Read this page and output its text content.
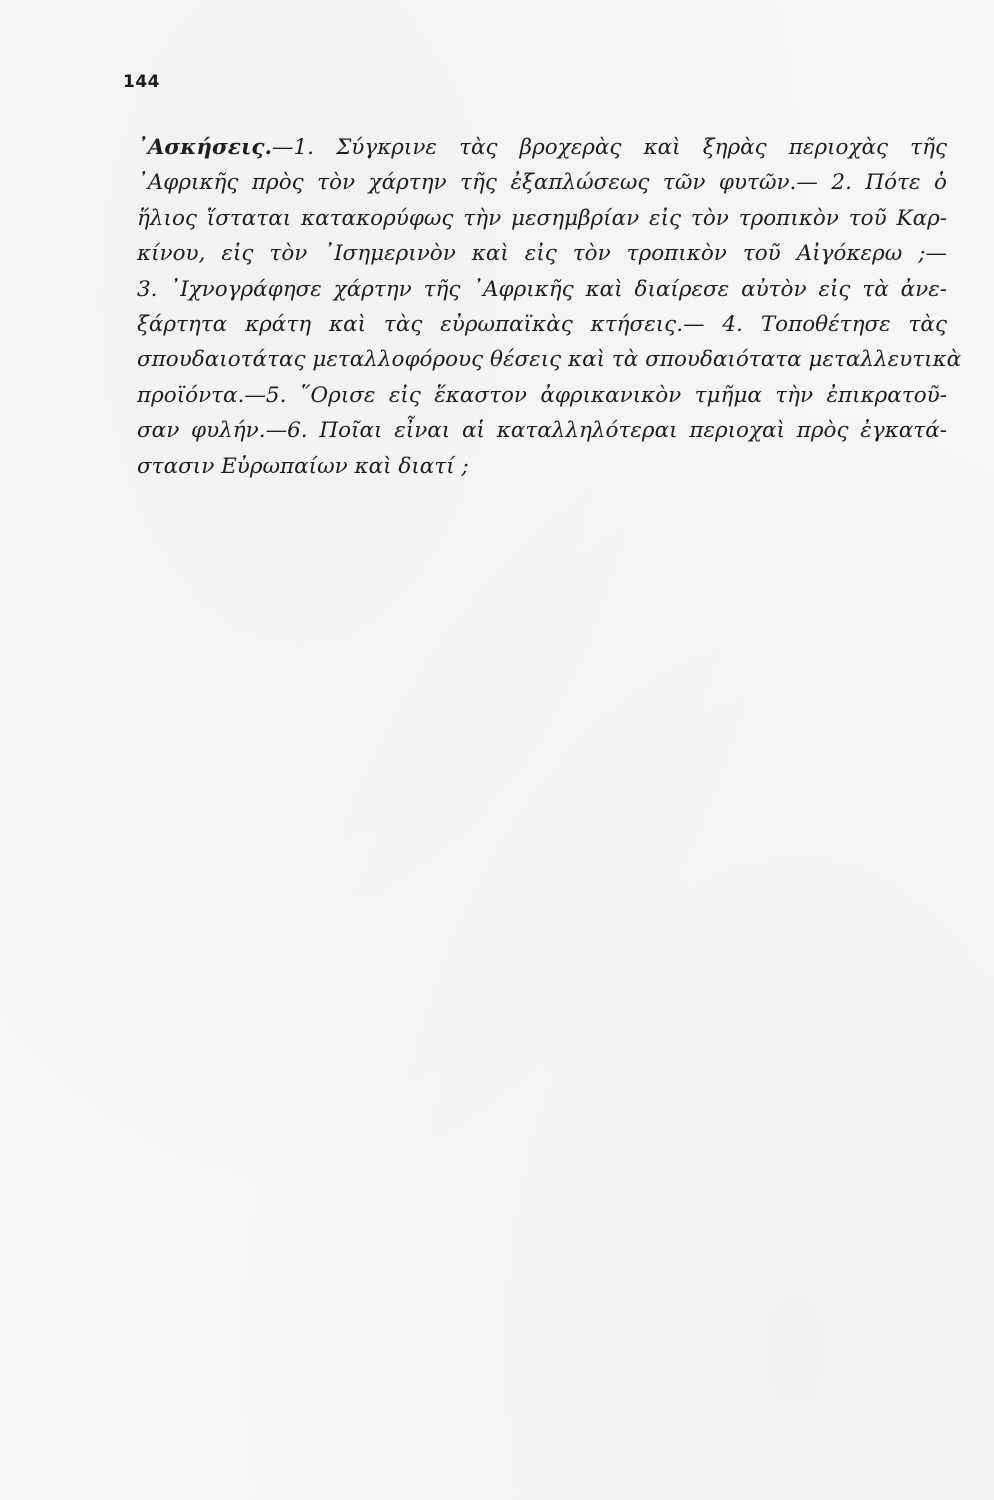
144
᾿Ασκήσεις.—1. Σύγκρινε τὰς βροχερὰς καὶ ξηρὰς περιοχὰς τῆς
᾿Αφρικῆς πρὸς τὸν χάρτην τῆς ἐξαπλώσεως τῶν φυτῶν.— 2. Πότε ὁ
ἥλιος ἵσταται κατακορύφως τὴν μεσημβρίαν εἰς τὸν τροπικὸν τοῦ Καρ-
κίνου, εἰς τὸν ᾿Ισημερινὸν καὶ εἰς τὸν τροπικὸν τοῦ Αἰγόκερω ;—
3. ᾿Ιχνογράφησε χάρτην τῆς ᾿Αφρικῆς καὶ διαίρεσε αὐτὸν εἰς τὰ ἀνε-
ξάρτητα κράτη καὶ τὰς εὐρωπαϊκὰς κτήσεις.— 4. Τοποθέτησε τὰς
σπουδαιοτάτας μεταλλοφόρους θέσεις καὶ τὰ σπουδαιότατα μεταλλευτικὰ
προϊόντα.—5. ῞Ορισε εἰς ἕκαστον ἀφρικανικὸν τμῆμα τὴν ἐπικρατοῦ-
σαν φυλήν.—6. Ποῖαι εἶναι αἱ καταλληλότεραι περιοχαὶ πρὸς ἐγκατά-
στασιν Εὐρωπαίων καὶ διατί ;
